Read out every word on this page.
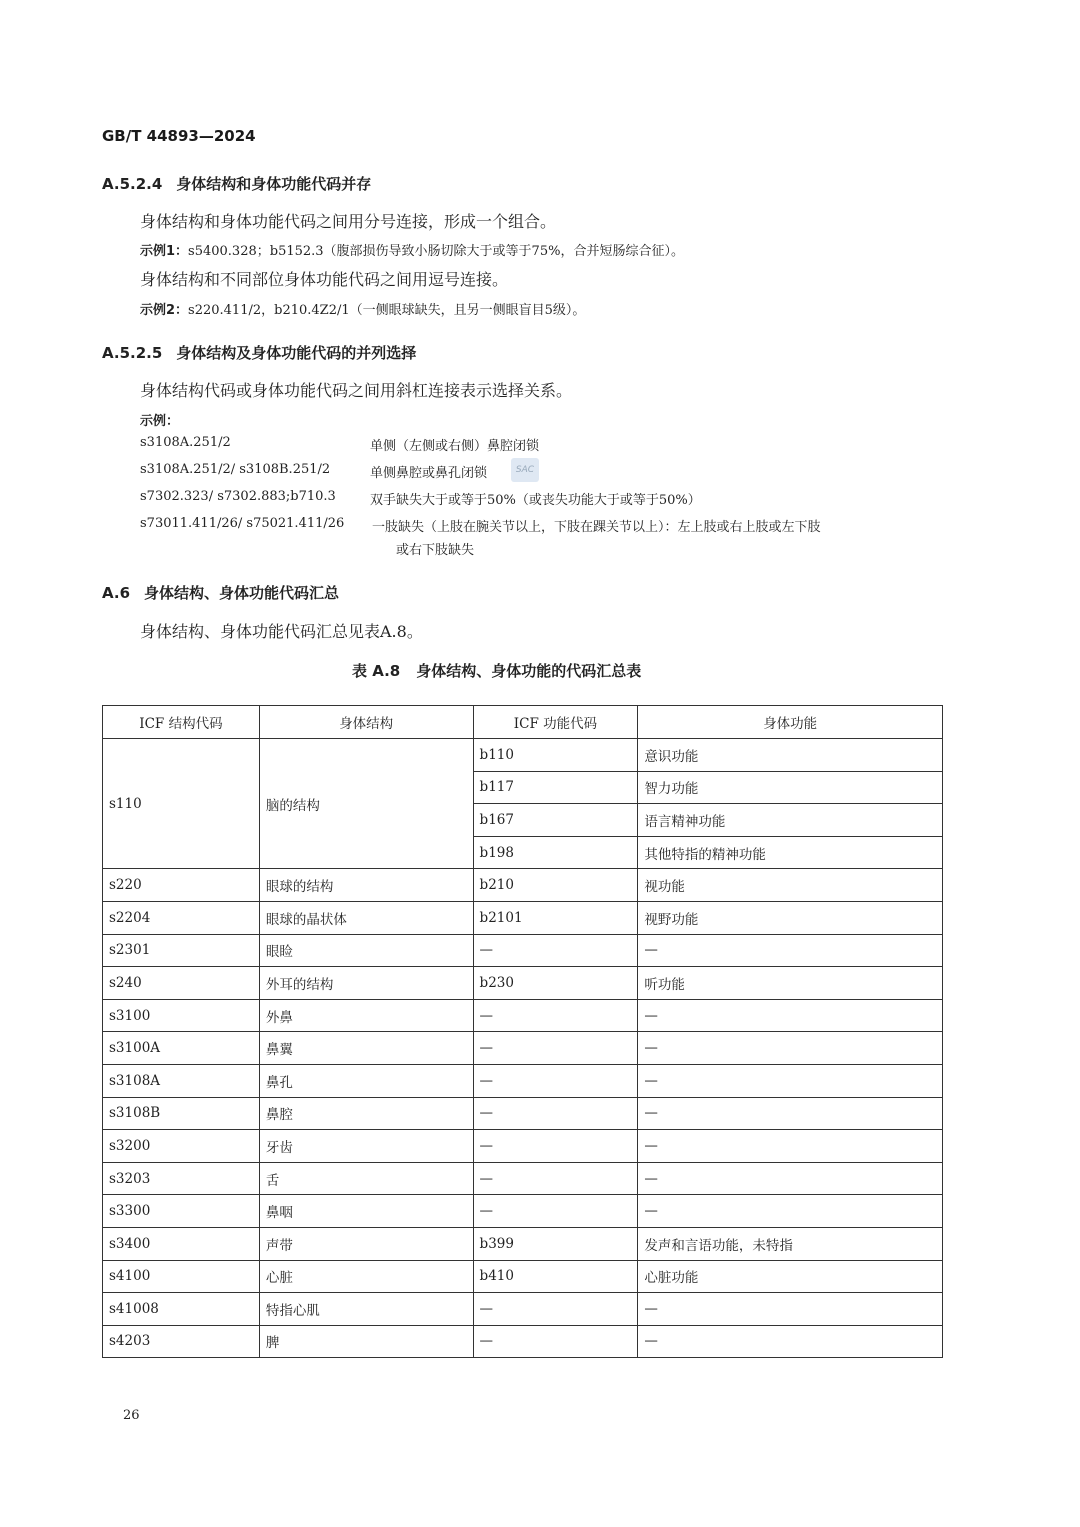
GB/T 44893—2024
A.5.2.4 身体结构和身体功能代码并存
身体结构和身体功能代码之间用分号连接，形成一个组合。
示例1：s5400.328；b5152.3（腹部损伤导致小肠切除大于或等于75%，合并短肠综合征）。
身体结构和不同部位身体功能代码之间用逗号连接。
示例2：s220.411/2，b210.4Z2/1（一侧眼球缺失，且另一侧眼盲目5级）。
A.5.2.5 身体结构及身体功能代码的并列选择
身体结构代码或身体功能代码之间用斜杠连接表示选择关系。
示例：
s3108A.251/2	单侧（左侧或右侧）鼻腔闭锁
s3108A.251/2/ s3108B.251/2	单侧鼻腔或鼻孔闭锁	SAC
s7302.323/ s7302.883;b710.3	双手缺失大于或等于50%（或丧失功能大于或等于50%）
s73011.411/26/ s75021.411/26 一肢缺失（上肢在腕关节以上，下肢在踝关节以上）：左上肢或右上肢或左下肢
或右下肢缺失
A.6 身体结构、身体功能代码汇总
身体结构、身体功能代码汇总见表A.8。
表 A.8 身体结构、身体功能的代码汇总表
ICF 结构代码	身体结构	ICF 功能代码	身体功能
s110	脑的结构	b110	意识功能
		b117	智力功能
		b167	语言精神功能
		b198	其他特指的精神功能
s220	眼球的结构	b210	视功能
s2204	眼球的晶状体	b2101	视野功能
s2301	眼睑	—	—
s240	外耳的结构	b230	听功能
s3100	外鼻	—	—
s3100A	鼻翼	—	—
s3108A	鼻孔	—	—
s3108B	鼻腔	—	—
s3200	牙齿	—	—
s3203	舌	—	—
s3300	鼻咽	—	—
s3400	声带	b399	发声和言语功能，未特指
s4100	心脏	b410	心脏功能
s41008	特指心肌	—	—
s4203	脾	—	—
26
